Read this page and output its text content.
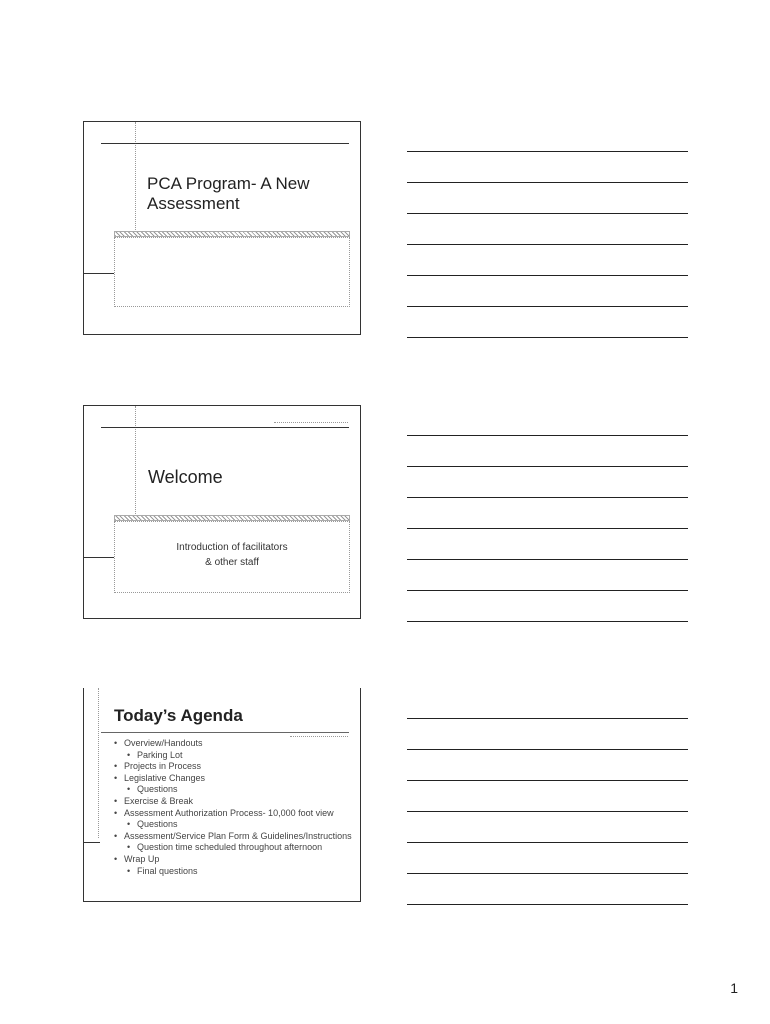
PCA Program- A New Assessment
Welcome
Introduction of facilitators
& other staff
Today’s Agenda
• Overview/Handouts
• Parking Lot
• Projects in Process
• Legislative Changes
• Questions
• Exercise & Break
• Assessment Authorization Process- 10,000 foot view
• Questions
• Assessment/Service Plan Form & Guidelines/Instructions
• Question time scheduled throughout afternoon
• Wrap Up
• Final questions
1
